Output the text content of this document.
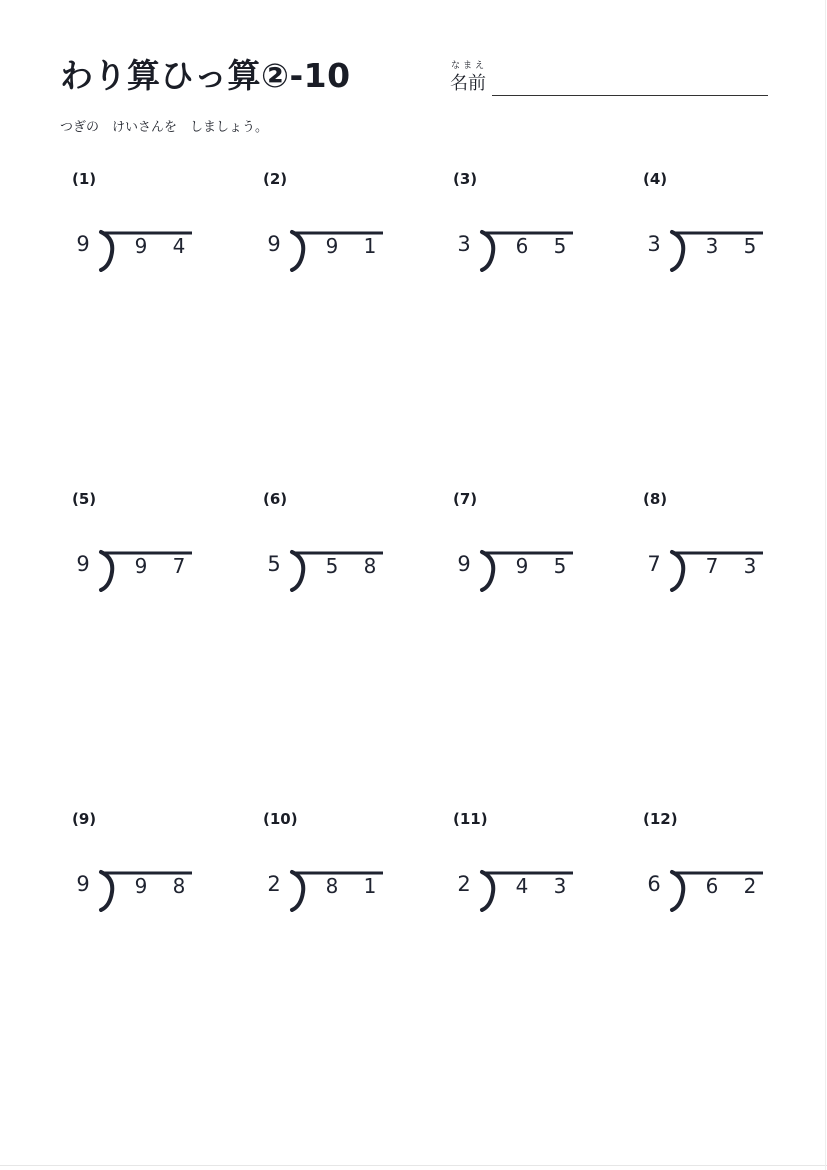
わり算ひっ算②-10	なまえ
名前
つぎの　けいさんを　しましょう。
(1)
9	9 4
(2)
9	9 1
(3)
3	6 5
(4)
3	3 5
(5)
9	9 7
(6)
5	5 8
(7)
9	9 5
(8)
7	7 3
(9)
9	9 8
(10)
2	8 1
(11)
2	4 3
(12)
6	6 2
